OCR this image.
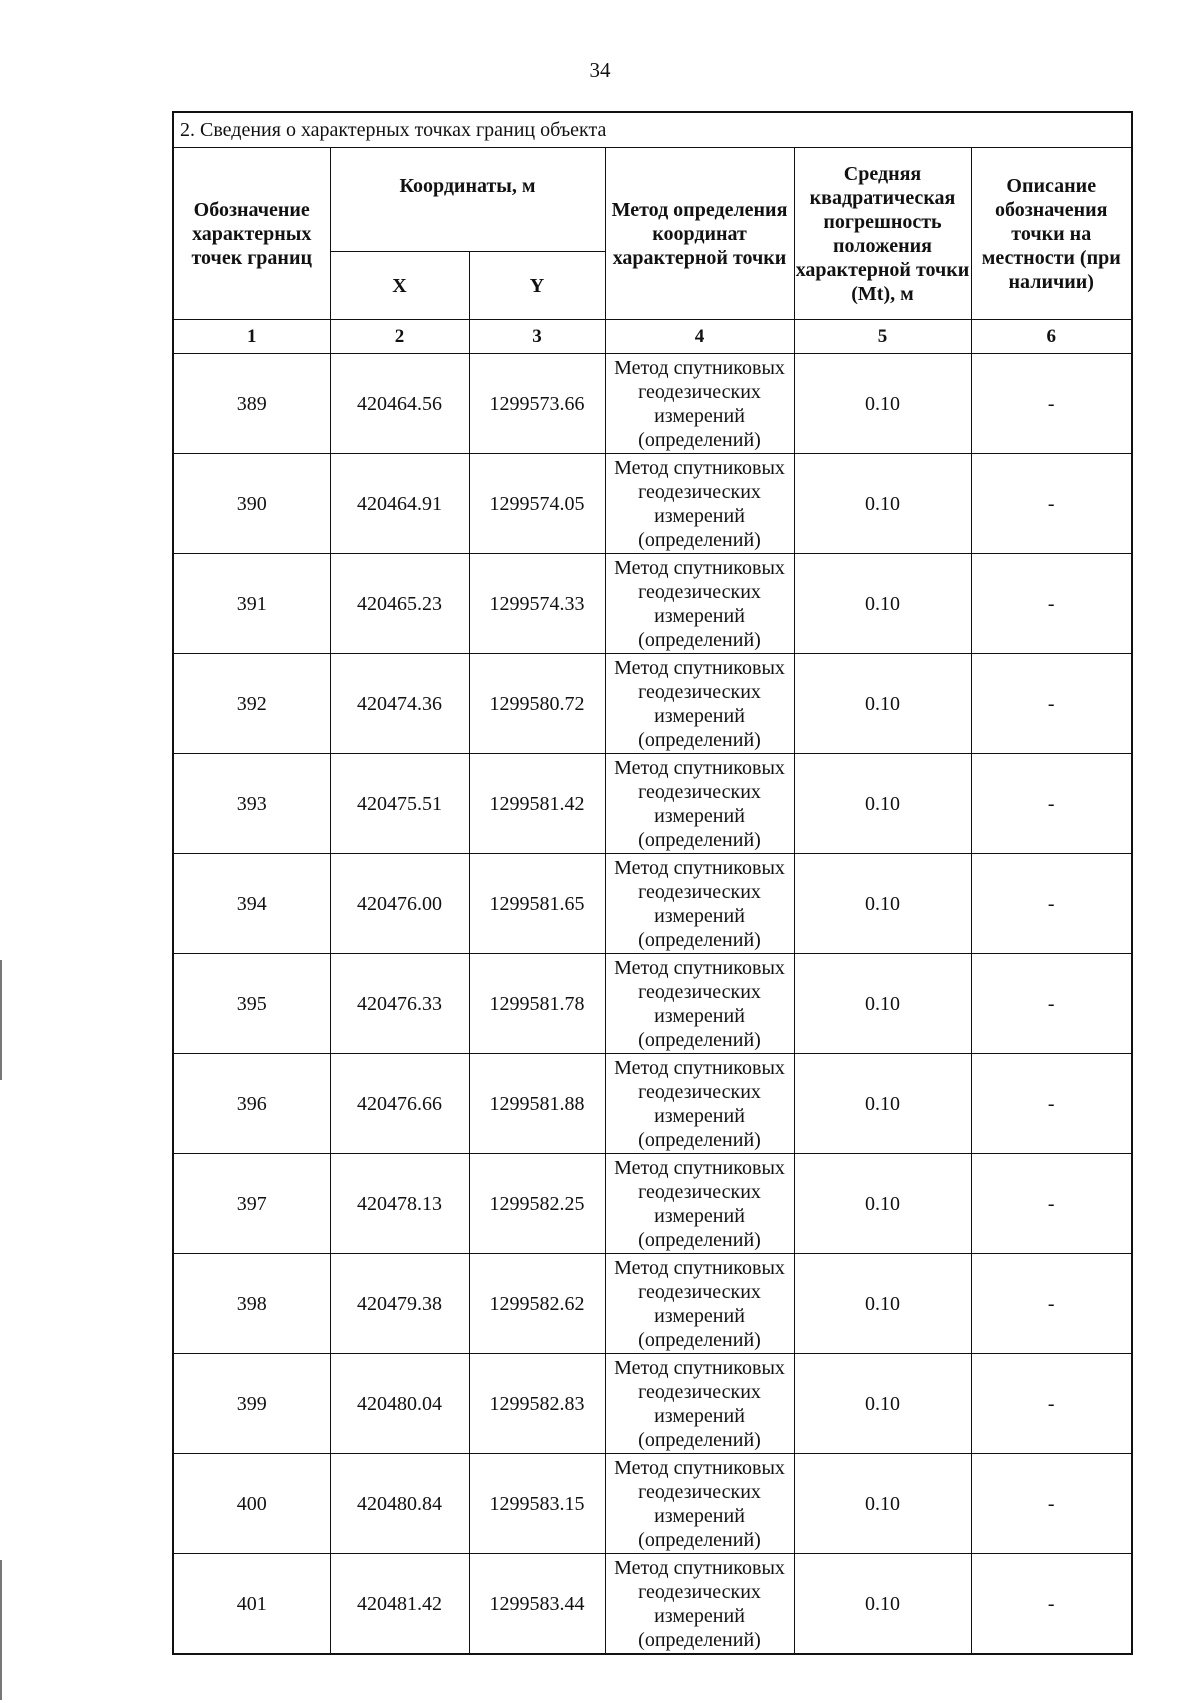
34
2. Сведения о характерных точках границ объекта					
Обозначение характерных точек границ	Координаты, м		Метод определения координат характерной точки	Средняя квадратическая погрешность положения характерной точки (Mt), м	Описание обозначения точки на местности (при наличии)
	X	Y			
1	2	3	4	5	6
389	420464.56	1299573.66	Метод спутниковых геодезических измерений (определений)	0.10	-
390	420464.91	1299574.05	Метод спутниковых геодезических измерений (определений)	0.10	-
391	420465.23	1299574.33	Метод спутниковых геодезических измерений (определений)	0.10	-
392	420474.36	1299580.72	Метод спутниковых геодезических измерений (определений)	0.10	-
393	420475.51	1299581.42	Метод спутниковых геодезических измерений (определений)	0.10	-
394	420476.00	1299581.65	Метод спутниковых геодезических измерений (определений)	0.10	-
395	420476.33	1299581.78	Метод спутниковых геодезических измерений (определений)	0.10	-
396	420476.66	1299581.88	Метод спутниковых геодезических измерений (определений)	0.10	-
397	420478.13	1299582.25	Метод спутниковых геодезических измерений (определений)	0.10	-
398	420479.38	1299582.62	Метод спутниковых геодезических измерений (определений)	0.10	-
399	420480.04	1299582.83	Метод спутниковых геодезических измерений (определений)	0.10	-
400	420480.84	1299583.15	Метод спутниковых геодезических измерений (определений)	0.10	-
401	420481.42	1299583.44	Метод спутниковых геодезических измерений (определений)	0.10	-
